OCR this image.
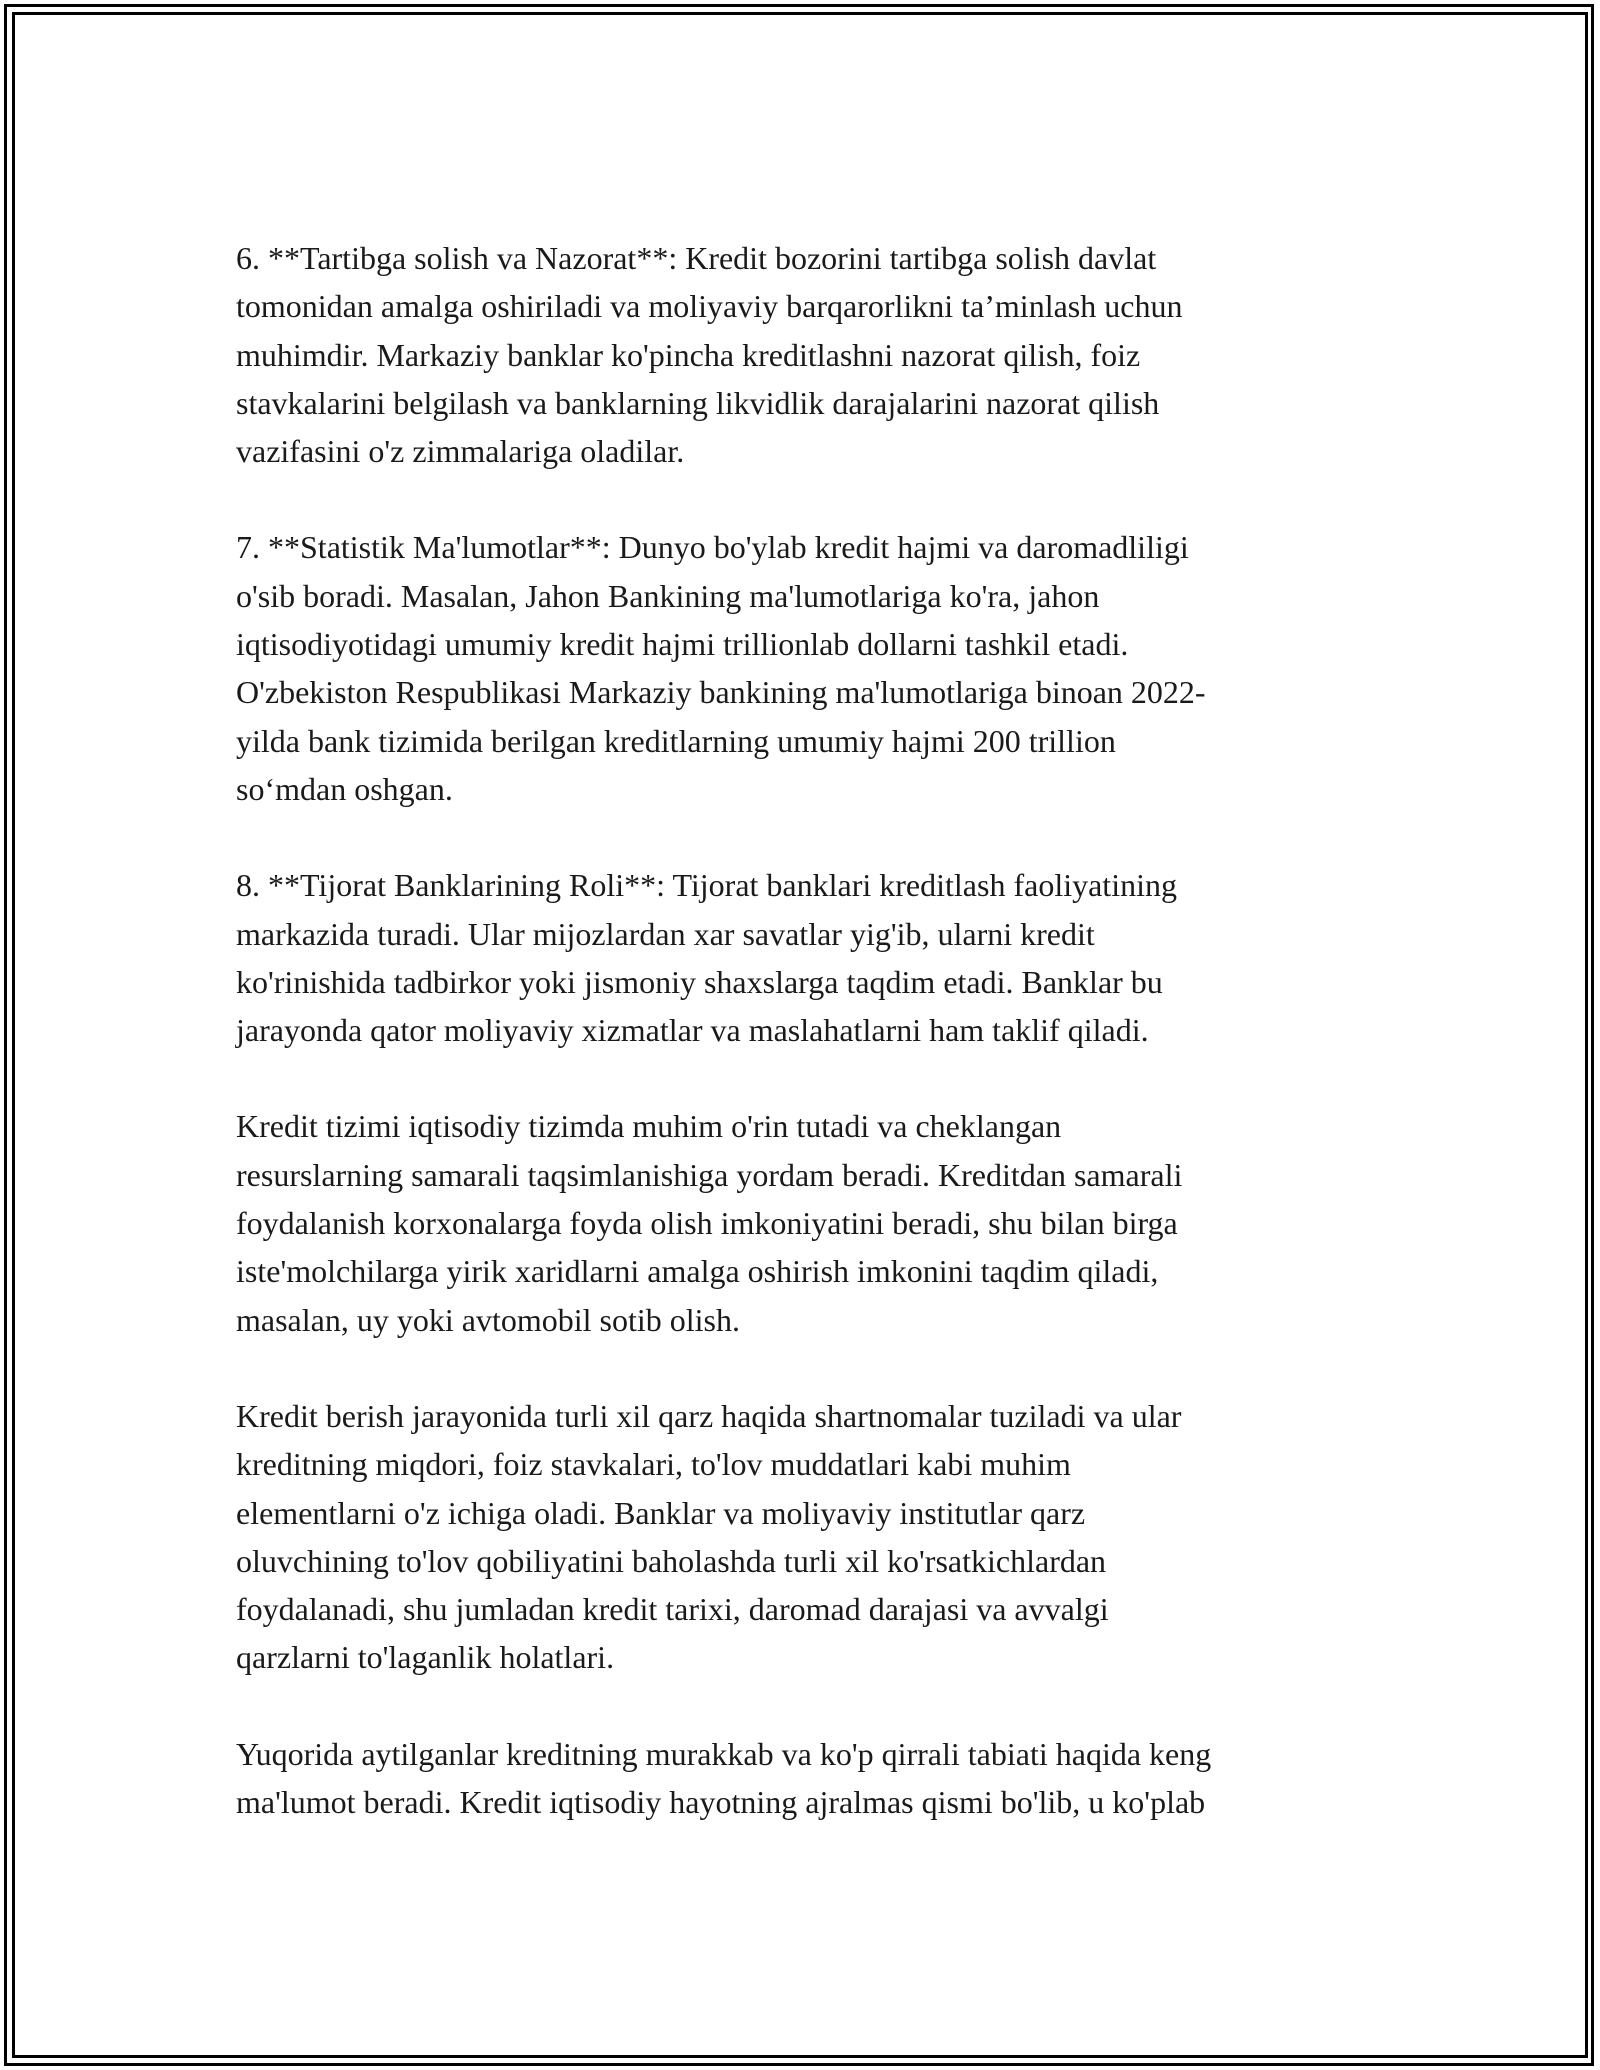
6. **Tartibga solish va Nazorat**: Kredit bozorini tartibga solish davlat
tomonidan amalga oshiriladi va moliyaviy barqarorlikni ta’minlash uchun
muhimdir. Markaziy banklar ko'pincha kreditlashni nazorat qilish, foiz
stavkalarini belgilash va banklarning likvidlik darajalarini nazorat qilish
vazifasini o'z zimmalariga oladilar.

7. **Statistik Ma'lumotlar**: Dunyo bo'ylab kredit hajmi va daromadliligi
o'sib boradi. Masalan, Jahon Bankining ma'lumotlariga ko'ra, jahon
iqtisodiyotidagi umumiy kredit hajmi trillionlab dollarni tashkil etadi.
O'zbekiston Respublikasi Markaziy bankining ma'lumotlariga binoan 2022-
yilda bank tizimida berilgan kreditlarning umumiy hajmi 200 trillion
so‘mdan oshgan.

8. **Tijorat Banklarining Roli**: Tijorat banklari kreditlash faoliyatining
markazida turadi. Ular mijozlardan xar savatlar yig'ib, ularni kredit
ko'rinishida tadbirkor yoki jismoniy shaxslarga taqdim etadi. Banklar bu
jarayonda qator moliyaviy xizmatlar va maslahatlarni ham taklif qiladi.

Kredit tizimi iqtisodiy tizimda muhim o'rin tutadi va cheklangan
resurslarning samarali taqsimlanishiga yordam beradi. Kreditdan samarali
foydalanish korxonalarga foyda olish imkoniyatini beradi, shu bilan birga
iste'molchilarga yirik xaridlarni amalga oshirish imkonini taqdim qiladi,
masalan, uy yoki avtomobil sotib olish.

Kredit berish jarayonida turli xil qarz haqida shartnomalar tuziladi va ular
kreditning miqdori, foiz stavkalari, to'lov muddatlari kabi muhim
elementlarni o'z ichiga oladi. Banklar va moliyaviy institutlar qarz
oluvchining to'lov qobiliyatini baholashda turli xil ko'rsatkichlardan
foydalanadi, shu jumladan kredit tarixi, daromad darajasi va avvalgi
qarzlarni to'laganlik holatlari.

Yuqorida aytilganlar kreditning murakkab va ko'p qirrali tabiati haqida keng
ma'lumot beradi. Kredit iqtisodiy hayotning ajralmas qismi bo'lib, u ko'plab
